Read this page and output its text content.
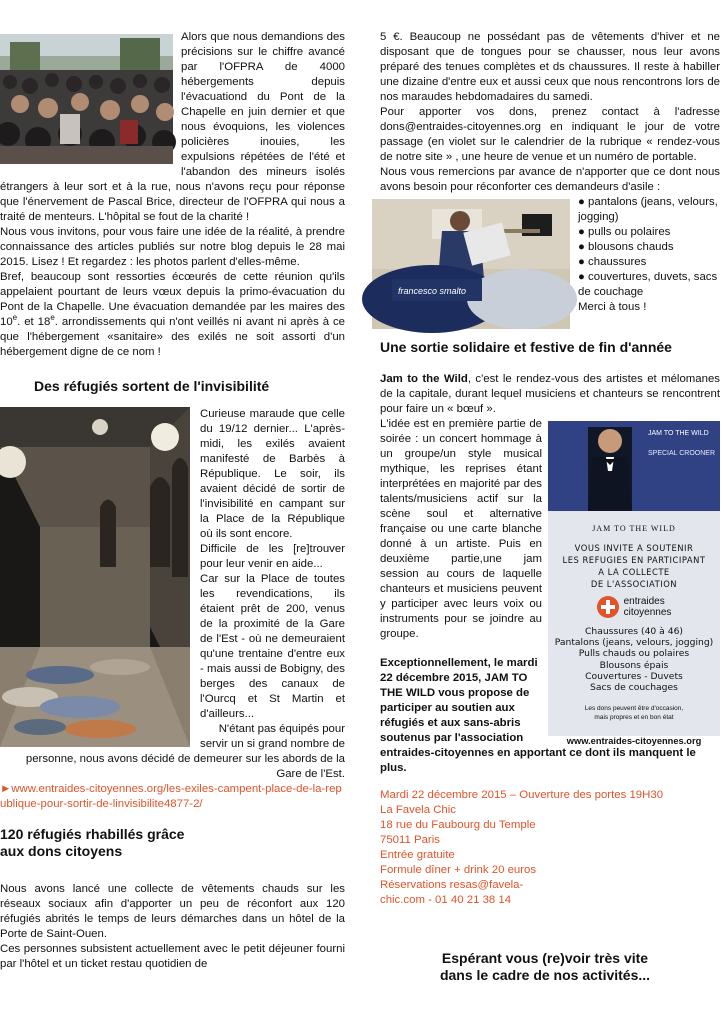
Alors que nous demandions des précisions sur le chiffre avancé par l'OFPRA de 4000 hébergements depuis l'évacuationd du Pont de la Chapelle en juin dernier et que nous évoquions, les violences policières inouies, les expulsions répétées de l'été et l'abandon des mineurs isolés étrangers à leur sort et à la rue, nous n'avons reçu pour réponse que l'énervement de Pascal Brice, directeur de l'OFPRA qui nous a traité de menteurs. L'hôpital se fout de la charité !

Nous vous invitons, pour vous faire une idée de la réalité, à prendre connaissance des articles publiés sur notre blog depuis le 28 mai 2015. Lisez ! Et regardez : les photos parlent d'elles-même.

Bref, beaucoup sont ressorties écœurés de cette réunion qu'ils appelaient pourtant de leurs vœux depuis la primo-évacuation du Pont de la Chapelle. Une évacuation demandée par les maires des 10e. et 18e. arrondissements qui n'ont veillés ni avant ni après à ce que l'hébergement «sanitaire» des exilés ne soit assorti d'un hébergement digne de ce nom !

Des réfugiés sortent de l'invisibilité

Curieuse maraude que celle du 19/12 dernier... L'après-midi, les exilés avaient manifesté de Barbès à République. Le soir, ils avaient décidé de sortir de l'invisibilité en campant sur la Place de la République où ils sont encore.

Difficile de les [re]trouver pour leur venir en aide...

Car sur la Place de toutes les revendications, ils étaient prêt de 200, venus de la proximité de la Gare de l'Est - où ne demeuraient qu'une trentaine d'entre eux - mais aussi de Bobigny, des berges des canaux de l'Ourcq et St Martin et d'ailleurs...

N'étant pas équipés pour servir un si grand nombre de personne, nous avons décidé de demeurer sur les abords de la Gare de l'Est.

►www.entraides-citoyennes.org/les-exiles-campent-place-de-la-republique-pour-sortir-de-linvisibilite4877-2/

120 réfugiés rhabillés grâce aux dons citoyens

Nous avons lancé une collecte de vêtements chauds sur les réseaux sociaux afin d'apporter un peu de réconfort aux 120 réfugiés abrités le temps de leurs démarches dans un hôtel de la Porte de Saint-Ouen.

Ces personnes subsistent actuellement avec le petit déjeuner fourni par l'hôtel et un ticket restau quotidien de

5 €. Beaucoup ne possédant pas de vêtements d'hiver et ne disposant que de tongues pour se chausser, nous leur avons préparé des tenues complètes et ds chaussures. Il reste à habiller une dizaine d'entre eux et aussi ceux que nous rencontrons lors de nos maraudes hebdomadaires du samedi.

Pour apporter vos dons, prenez contact à l'adresse dons@entraides-citoyennes.org en indiquant le jour de votre passage (en violet sur le calendrier de la rubrique « rendez-vous de notre site » , une heure de venue et un numéro de portable.

Nous vous remercions par avance de n'apporter que ce dont nous avons besoin pour réconforter ces demandeurs d'asile :

francesco smalto

● pantalons (jeans, velours, jogging)

● pulls ou polaires

● blousons chauds

● chaussures

● couvertures, duvets, sacs de couchage

Merci à tous !

Une sortie solidaire et festive de fin d'année

Jam to the Wild, c'est le rendez-vous des artistes et mélomanes de la capitale, durant lequel musiciens et chanteurs se rencontrent pour faire un « bœuf ».

JAM TO THE WILD
SPECIAL CROONER
JAM TO THE WILD
VOUS INVITE A SOUTENIR
LES REFUGIES EN PARTICIPANT
A LA COLLECTE
DE L'ASSOCIATION
entraides
citoyennes
Chaussures (40 à 46)
Pantalons (jeans, velours, jogging)
Pulls chauds ou polaires
Blousons épais
Couvertures - Duvets
Sacs de couchages
Les dons peuvent être d'occasion,
mais propres et en bon état
www.entraides-citoyennes.org

L'idée est en première partie de soirée : un concert hommage à un groupe/un style musical mythique, les reprises étant interprétées en majorité par des talents/musiciens actif sur la scène soul et alternative française ou une carte blanche donné à un artiste. Puis en deuxième partie,une jam session au cours de laquelle chanteurs et musiciens peuvent y participer avec leurs voix ou instruments pour se joindre au groupe.

Exceptionnellement, le mardi 22 décembre 2015, JAM TO THE WILD vous propose de participer au soutien aux réfugiés et aux sans-abris soutenus par l'association entraides-citoyennes en apportant ce dont ils manquent le plus.

Mardi 22 décembre 2015 – Ouverture des portes 19H30

La Favela Chic

18 rue du Faubourg du Temple

75011 Paris

Entrée gratuite

Formule dîner + drink 20 euros

Réservations resas@favela-chic.com - 01 40 21 38 14

Espérant vous (re)voir très vite
dans le cadre de nos activités...
